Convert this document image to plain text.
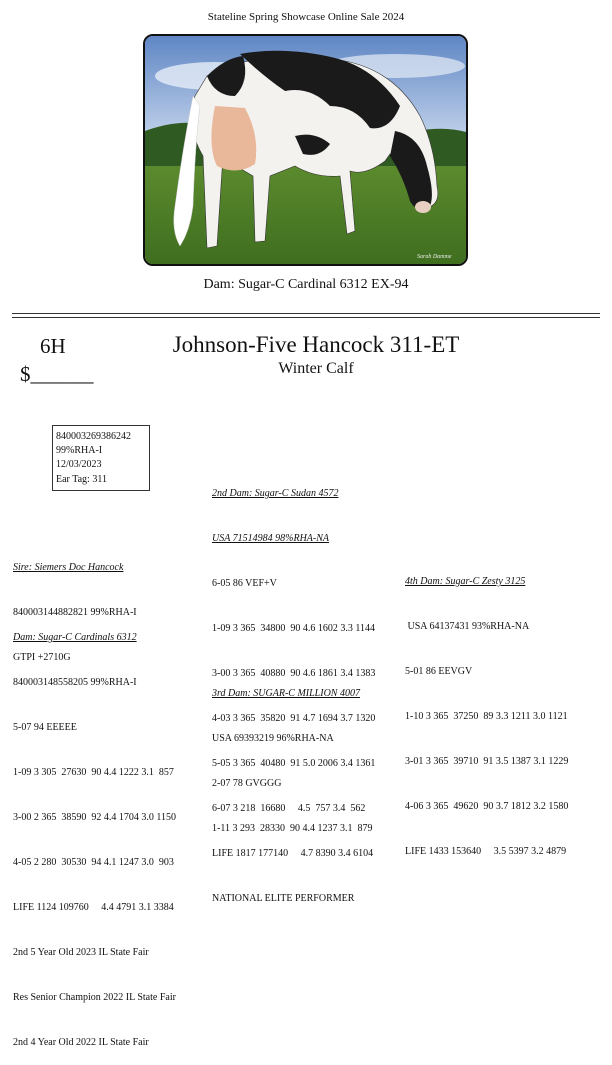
Stateline Spring Showcase Online Sale 2024
Sarah Damme
Dam: Sugar-C Cardinal 6312 EX-94
6H
$______
Johnson-Five Hancock 311-ET
Winter Calf
840003269386242
99%RHA-I
12/03/2023
Ear Tag: 311

Sire: Siemers Doc Hancock

840003144882821 99%RHA-I

GTPI +2710G

Dam: Sugar-C Cardinals 6312

840003148558205 99%RHA-I

5-07 94 EEEEE

1-09 3 305  27630  90 4.4 1222 3.1  857

3-00 2 365  38590  92 4.4 1704 3.0 1150

4-05 2 280  30530  94 4.1 1247 3.0  903

LIFE 1124 109760     4.4 4791 3.1 3384

2nd 5 Year Old 2023 IL State Fair

Res Senior Champion 2022 IL State Fair

2nd 4 Year Old 2022 IL State Fair

2nd Dam: Sugar-C Sudan 4572

USA 71514984 98%RHA-NA

6-05 86 VEF+V

1-09 3 365  34800  90 4.6 1602 3.3 1144

3-00 3 365  40880  90 4.6 1861 3.4 1383

4-03 3 365  35820  91 4.7 1694 3.7 1320

5-05 3 365  40480  91 5.0 2006 3.4 1361

6-07 3 218  16680     4.5  757 3.4  562

LIFE 1817 177140     4.7 8390 3.4 6104

NATIONAL ELITE PERFORMER

3rd Dam: SUGAR-C MILLION 4007

USA 69393219 96%RHA-NA

2-07 78 GVGGG

1-11 3 293  28330  90 4.4 1237 3.1  879

4th Dam: Sugar-C Zesty 3125

USA 64137431 93%RHA-NA

5-01 86 EEVGV

1-10 3 365  37250  89 3.3 1211 3.0 1121

3-01 3 365  39710  91 3.5 1387 3.1 1229

4-06 3 365  49620  90 3.7 1812 3.2 1580

LIFE 1433 153640     3.5 5397 3.2 4879
